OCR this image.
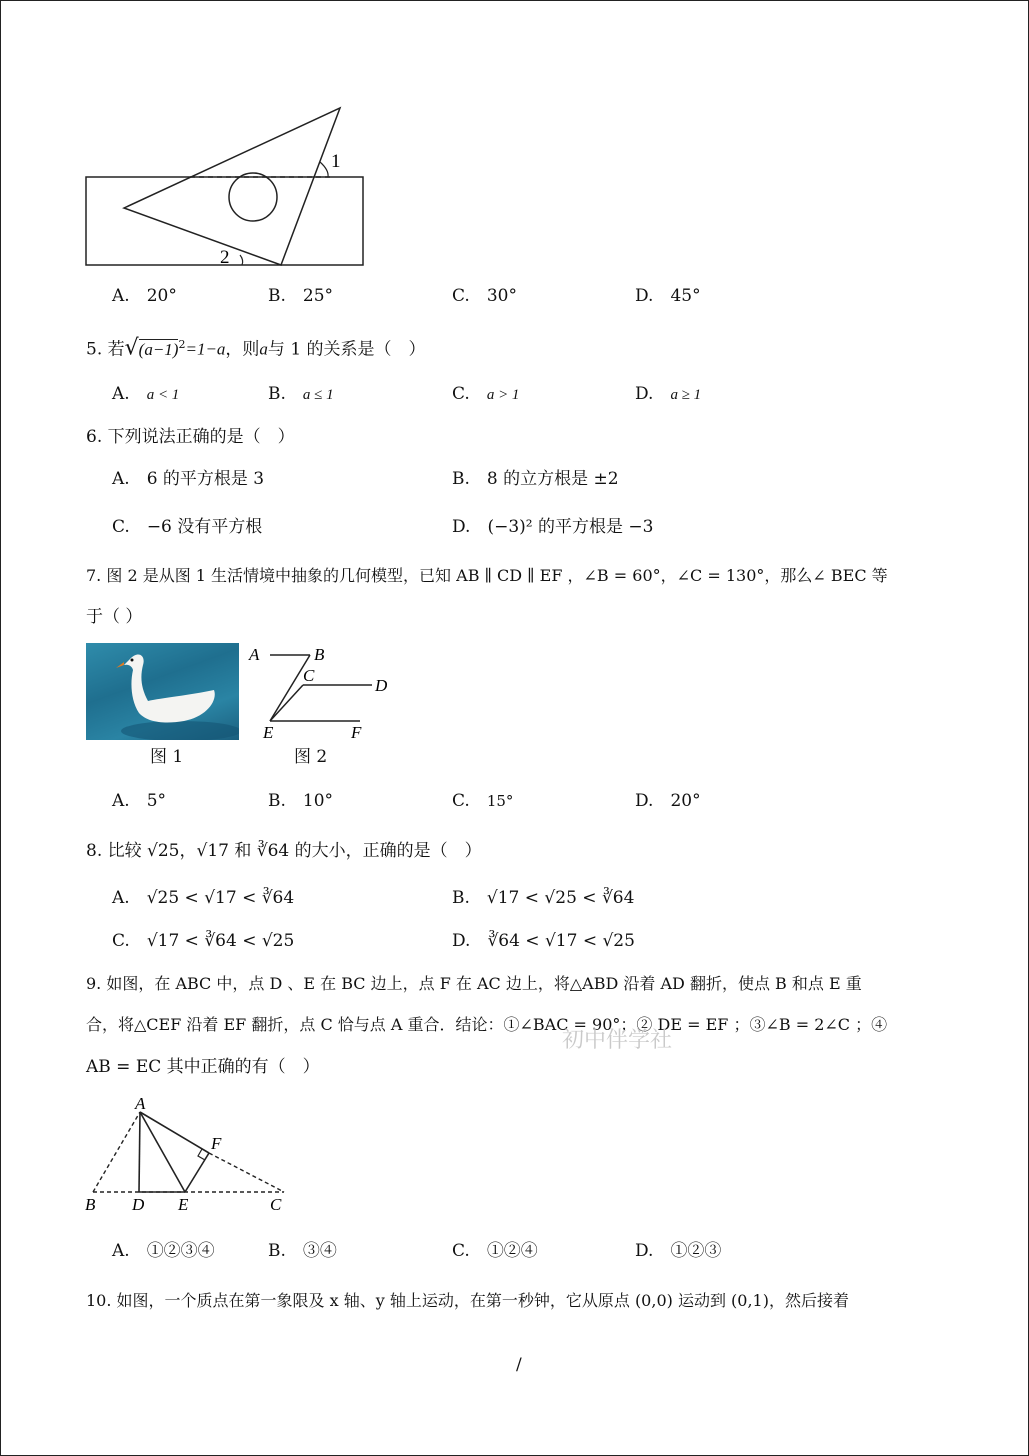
1
2
A.　 20°	B.　 25°	C.　 30°	D.　 45°
5. 若$√(a-1)^2=1-a$，则a与 1 的关系是（　）
A.　 a < 1	B.　 a ≤ 1	C.　 a > 1	D.　 a ≥ 1
6. 下列说法正确的是（　）
A.　 6 的平方根是 3	B.　 8 的立方根是 ±2
C.　 −6 没有平方根	D.　 (−3)² 的平方根是 −3
7. 图 2 是从图 1 生活情境中抽象的几何模型，已知 AB ∥ CD ∥ EF ，∠B = 60°，∠C = 130°，那么∠ BEC 等
于（ ）
A	B
C
D
E	F
图 1	图 2
A.　 5°	B.　 10°	C.　 15°	D.　 20°
8. 比较 √25，√17 和 ∛64 的大小，正确的是（　）
A.　 √25 < √17 < ∛64	B.　 √17 < √25 < ∛64
C.　 √17 < ∛64 < √25	D.　 ∛64 < √17 < √25
9. 如图，在 ABC 中，点 D 、E 在 BC 边上，点 F 在 AC 边上，将△ABD 沿着 AD 翻折，使点 B 和点 E 重
合，将△CEF 沿着 EF 翻折，点 C 恰与点 A 重合．结论：①∠BAC = 90°；② DE = EF ；③∠B = 2∠C ；④
AB = EC 其中正确的有（　）
初中伴学社
A
F
B D E	C
A.　 ①②③④	B.　 ③④	C.　 ①②④	D.　 ①②③
10. 如图，一个质点在第一象限及 x 轴、y 轴上运动，在第一秒钟，它从原点 (0,0) 运动到 (0,1)，然后接着
/
